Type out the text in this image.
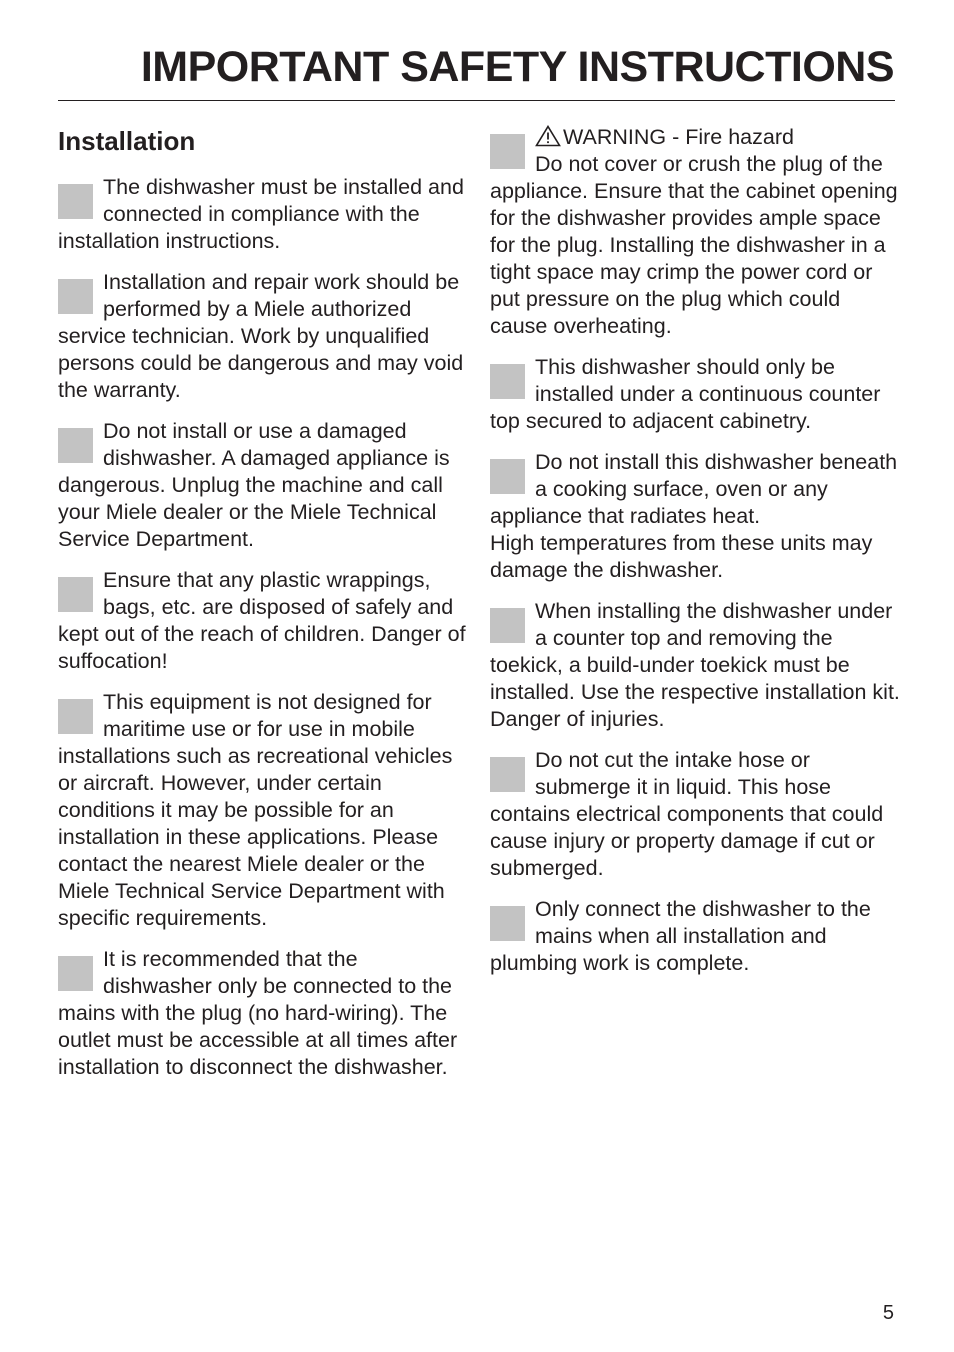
IMPORTANT SAFETY INSTRUCTIONS
Installation

The dishwasher must be installed and connected in compliance with the installation instructions.

Installation and repair work should be performed by a Miele authorized service technician. Work by unqualified persons could be dangerous and may void the warranty.

Do not install or use a damaged dishwasher. A damaged appliance is dangerous. Unplug the machine and call your Miele dealer or the Miele Technical Service Department.

Ensure that any plastic wrappings, bags, etc. are disposed of safely and kept out of the reach of children. Danger of suffocation!

This equipment is not designed for maritime use or for use in mobile installations such as recreational vehicles or aircraft. However, under certain conditions it may be possible for an installation in these applications. Please contact the nearest Miele dealer or the Miele Technical Service Department with specific requirements.

It is recommended that the dishwasher only be connected to the mains with the plug (no hard-wiring). The outlet must be accessible at all times after installation to disconnect the dishwasher.

WARNING - Fire hazard
Do not cover or crush the plug of the appliance. Ensure that the cabinet opening for the dishwasher provides ample space for the plug. Installing the dishwasher in a tight space may crimp the power cord or put pressure on the plug which could cause overheating.

This dishwasher should only be installed under a continuous counter top secured to adjacent cabinetry.

Do not install this dishwasher beneath a cooking surface, oven or any appliance that radiates heat.
High temperatures from these units may damage the dishwasher.

When installing the dishwasher under a counter top and removing the toekick, a build-under toekick must be installed. Use the respective installation kit. Danger of injuries.

Do not cut the intake hose or submerge it in liquid. This hose contains electrical components that could cause injury or property damage if cut or submerged.

Only connect the dishwasher to the mains when all installation and plumbing work is complete.

5
